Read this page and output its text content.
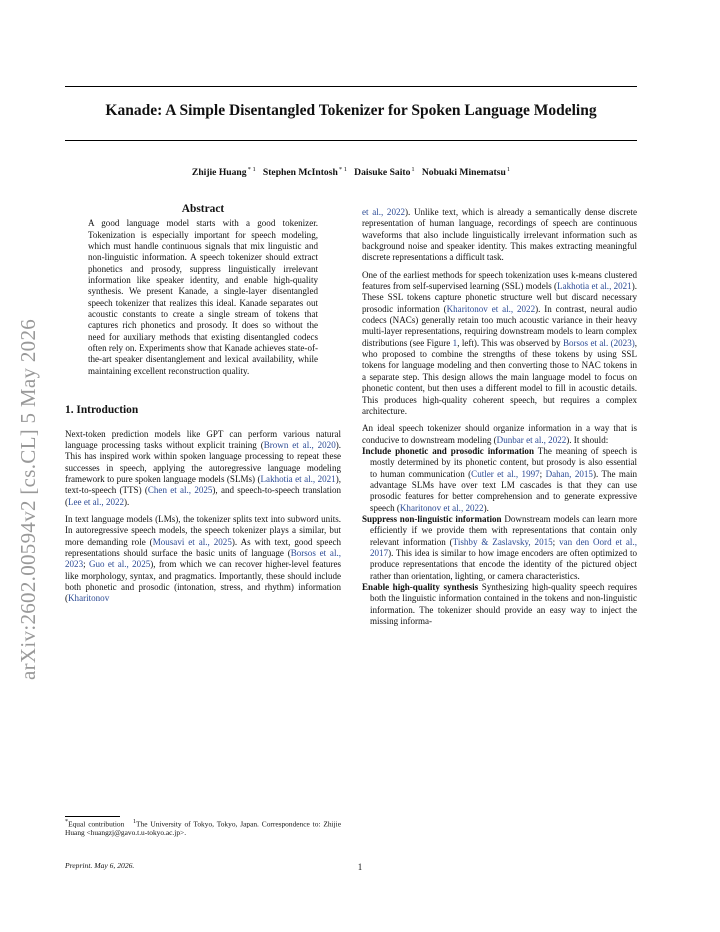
arXiv:2602.00594v2 [cs.CL] 5 May 2026
Kanade: A Simple Disentangled Tokenizer for Spoken Language Modeling
Zhijie Huang$^{* 1}$ Stephen McIntosh$^{* 1}$ Daisuke Saito$^1$ Nobuaki Minematsu$^1$
Abstract
A good language model starts with a good tokenizer. Tokenization is especially important for speech modeling, which must handle continuous signals that mix linguistic and non-linguistic information. A speech tokenizer should extract phonetics and prosody, suppress linguistically irrelevant information like speaker identity, and enable high-quality synthesis. We present Kanade, a single-layer disentangled speech tokenizer that realizes this ideal. Kanade separates out acoustic constants to create a single stream of tokens that captures rich phonetics and prosody. It does so without the need for auxiliary methods that existing disentangled codecs often rely on. Experiments show that Kanade achieves state-of-the-art speaker disentanglement and lexical availability, while maintaining excellent reconstruction quality.
1. Introduction

Next-token prediction models like GPT can perform various natural language processing tasks without explicit training (Brown et al., 2020). This has inspired work within spoken language processing to repeat these successes in speech, applying the autoregressive language modeling framework to pure spoken language models (SLMs) (Lakhotia et al., 2021), text-to-speech (TTS) (Chen et al., 2025), and speech-to-speech translation (Lee et al., 2022).

In text language models (LMs), the tokenizer splits text into subword units. In autoregressive speech models, the speech tokenizer plays a similar, but more demanding role (Mousavi et al., 2025). As with text, good speech representations should surface the basic units of language (Borsos et al., 2023; Guo et al., 2025), from which we can recover higher-level features like morphology, syntax, and pragmatics. Importantly, these should include both phonetic and prosodic (intonation, stress, and rhythm) information (Kharitonov

*Equal contribution $^1$The University of Tokyo, Tokyo, Japan. Correspondence to: Zhijie Huang <huangzj@gavo.t.u-tokyo.ac.jp>.
Preprint. May 6, 2026.

et al., 2022). Unlike text, which is already a semantically dense discrete representation of human language, recordings of speech are continuous waveforms that also include linguistically irrelevant information such as background noise and speaker identity. This makes extracting meaningful discrete representations a difficult task.

One of the earliest methods for speech tokenization uses k-means clustered features from self-supervised learning (SSL) models (Lakhotia et al., 2021). These SSL tokens capture phonetic structure well but discard necessary prosodic information (Kharitonov et al., 2022). In contrast, neural audio codecs (NACs) generally retain too much acoustic variance in their heavy multi-layer representations, requiring downstream models to learn complex distributions (see Figure 1, left). This was observed by Borsos et al. (2023), who proposed to combine the strengths of these tokens by using SSL tokens for language modeling and then converting those to NAC tokens in a separate step. This design allows the main language model to focus on phonetic content, but then uses a different model to fill in acoustic details. This produces high-quality coherent speech, but requires a complex architecture.

An ideal speech tokenizer should organize information in a way that is conducive to downstream modeling (Dunbar et al., 2022). It should:

Include phonetic and prosodic information The meaning of speech is mostly determined by its phonetic content, but prosody is also essential to human communication (Cutler et al., 1997; Dahan, 2015). The main advantage SLMs have over text LM cascades is that they can use prosodic features for better comprehension and to generate expressive speech (Kharitonov et al., 2022).
Suppress non-linguistic information Downstream models can learn more efficiently if we provide them with representations that contain only relevant information (Tishby & Zaslavsky, 2015; van den Oord et al., 2017). This idea is similar to how image encoders are often optimized to produce representations that encode the identity of the pictured object rather than orientation, lighting, or camera characteristics.
Enable high-quality synthesis Synthesizing high-quality speech requires both the linguistic information contained in the tokens and non-linguistic information. The tokenizer should provide an easy way to inject the missing informa-
1
